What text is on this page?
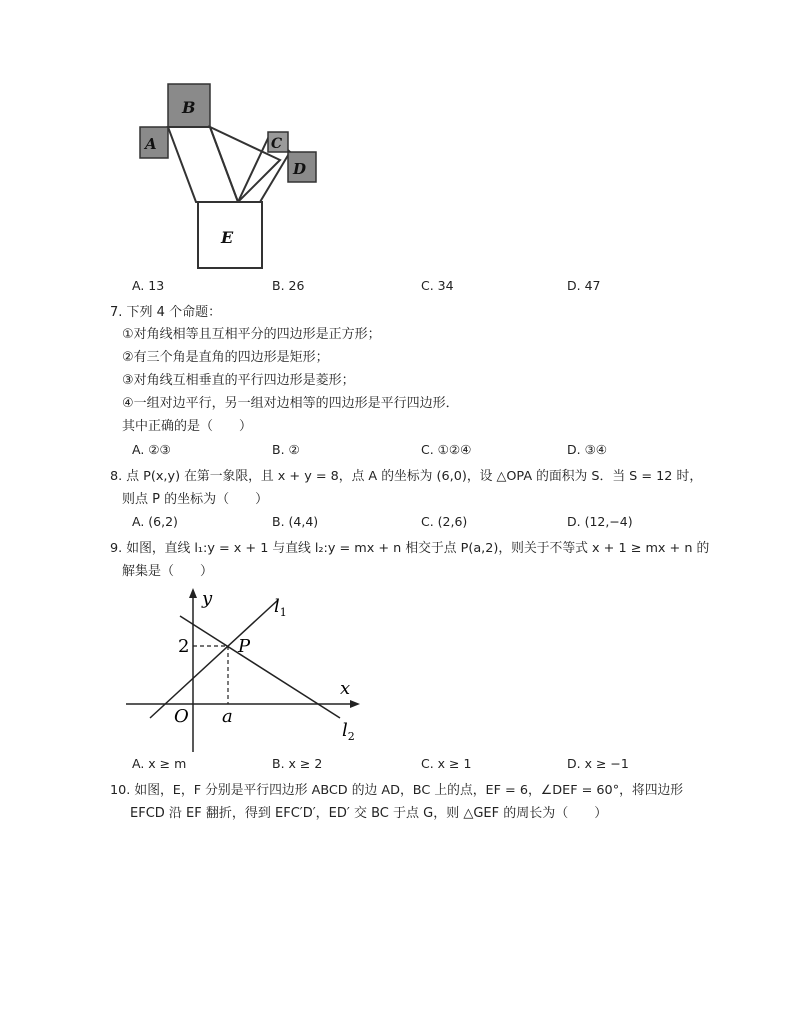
B
A	C
D
E
A. 13	B. 26	C. 34	D. 47
7. 下列 4 个命题：
①对角线相等且互相平分的四边形是正方形；
②有三个角是直角的四边形是矩形；
③对角线互相垂直的平行四边形是菱形；
④一组对边平行，另一组对边相等的四边形是平行四边形．
其中正确的是（　　）
A. ②③	B. ②	C. ①②④	D. ③④
8. 点 P(x,y) 在第一象限，且 x + y = 8，点 A 的坐标为 (6,0)，设 △OPA 的面积为 S．当 S = 12 时，
则点 P 的坐标为（　　）
A. (6,2)	B. (4,4)	C. (2,6)	D. (12,−4)
9. 如图，直线 l₁:y = x + 1 与直线 l₂:y = mx + n 相交于点 P(a,2)，则关于不等式 x + 1 ≥ mx + n 的
解集是（　　）
y
x
2	P
O a
$l_1$
$l_2$
A. x ≥ m	B. x ≥ 2	C. x ≥ 1	D. x ≥ −1
10. 如图，E，F 分别是平行四边形 ABCD 的边 AD，BC 上的点，EF = 6，∠DEF = 60°，将四边形
EFCD 沿 EF 翻折，得到 EFC′D′，ED′ 交 BC 于点 G，则 △GEF 的周长为（　　）
